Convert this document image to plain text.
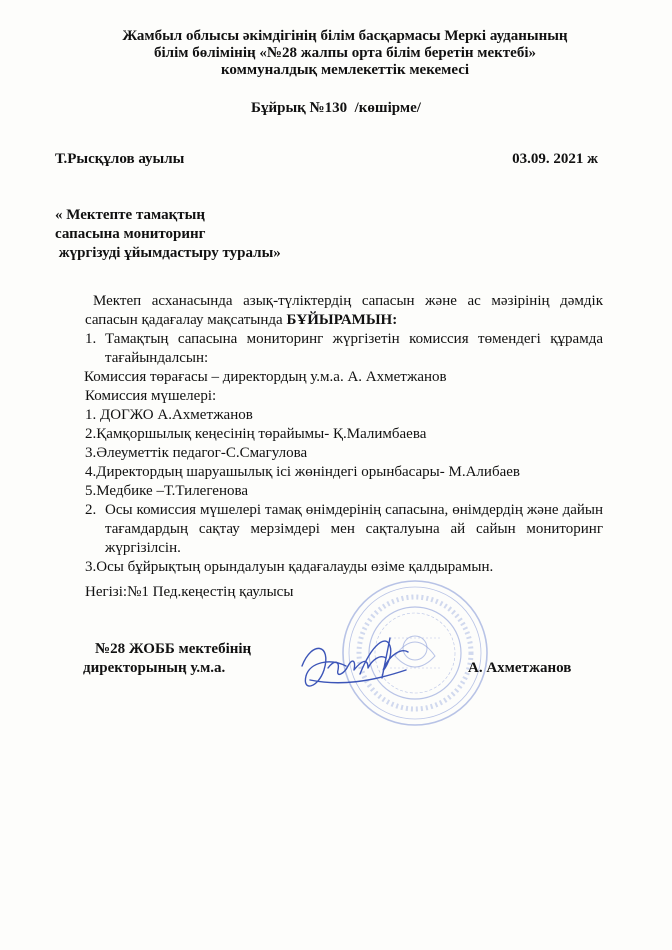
Жамбыл облысы әкімдігінің білім басқармасы Меркі ауданының
білім бөлімінің «№28 жалпы орта білім беретін мектебі»
коммуналдық мемлекеттік мекемесі
Бұйрық №130  /көшірме/
Т.Рысқұлов ауылы	03.09. 2021 ж
« Мектепте тамақтың
сапасына мониторинг
жүргізуді ұйымдастыру туралы»

Мектеп асханасында азық-түліктердің сапасын және ас мәзірінің дәмдік сапасын қадағалау мақсатында БҰЙЫРАМЫН:

1. Тамақтың сапасына мониторинг жүргізетін комиссия төмендегі құрамда тағайындалсын:

Комиссия төрағасы – директордың у.м.а. А. Ахметжанов

Комиссия мүшелері:

1. ДОГЖО А.Ахметжанов

2.Қамқоршылық кеңесінің төрайымы- Қ.Малимбаева

3.Әлеуметтік педагог-С.Смагулова

4.Директордың шаруашылық ісі жөніндегі орынбасары- М.Алибаев

5.Медбике –Т.Тилегенова

2. Осы комиссия мүшелері тамақ өнімдерінің сапасына, өнімдердің және дайын тағамдардың сақтау мерзімдері мен сақталуына ай сайын мониторинг жүргізілсін.

3.Осы бұйрықтың орындалуын қадағалауды өзіме қалдырамын.

Негізі:№1 Пед.кеңестің қаулысы
№28 ЖОББ мектебінің
директорының у.м.а.	А. Ахметжанов
